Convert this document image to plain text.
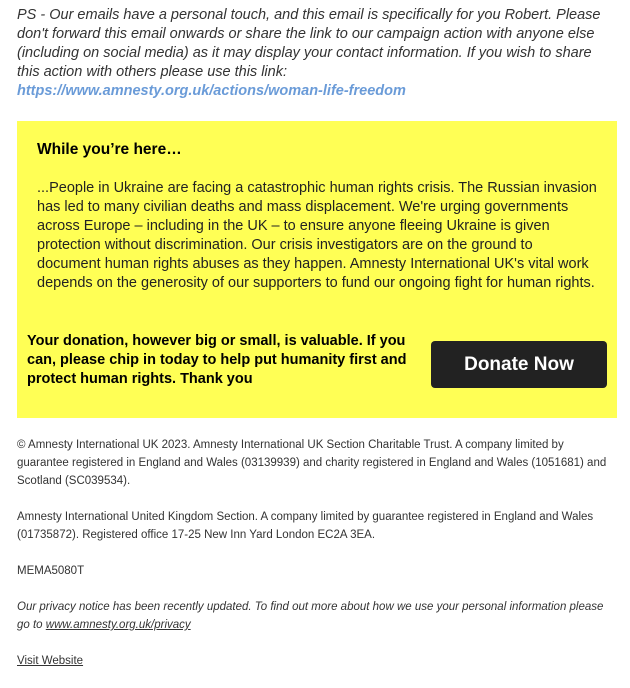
PS - Our emails have a personal touch, and this email is specifically for you Robert. Please don't forward this email onwards or share the link to our campaign action with anyone else (including on social media) as it may display your contact information. If you wish to share this action with others please use this link:
https://www.amnesty.org.uk/actions/woman-life-freedom
While you’re here…
...People in Ukraine are facing a catastrophic human rights crisis. The Russian invasion has led to many civilian deaths and mass displacement. We're urging governments across Europe – including in the UK – to ensure anyone fleeing Ukraine is given protection without discrimination. Our crisis investigators are on the ground to document human rights abuses as they happen. Amnesty International UK's vital work depends on the generosity of our supporters to fund our ongoing fight for human rights.
Your donation, however big or small, is valuable. If you can, please chip in today to help put humanity first and protect human rights. Thank you
Donate Now

© Amnesty International UK 2023. Amnesty International UK Section Charitable Trust. A company limited by guarantee registered in England and Wales (03139939) and charity registered in England and Wales (1051681) and Scotland (SC039534).

Amnesty International United Kingdom Section. A company limited by guarantee registered in England and Wales (01735872). Registered office 17-25 New Inn Yard London EC2A 3EA.

MEMA5080T

Our privacy notice has been recently updated. To find out more about how we use your personal information please go to www.amnesty.org.uk/privacy

Visit Website
